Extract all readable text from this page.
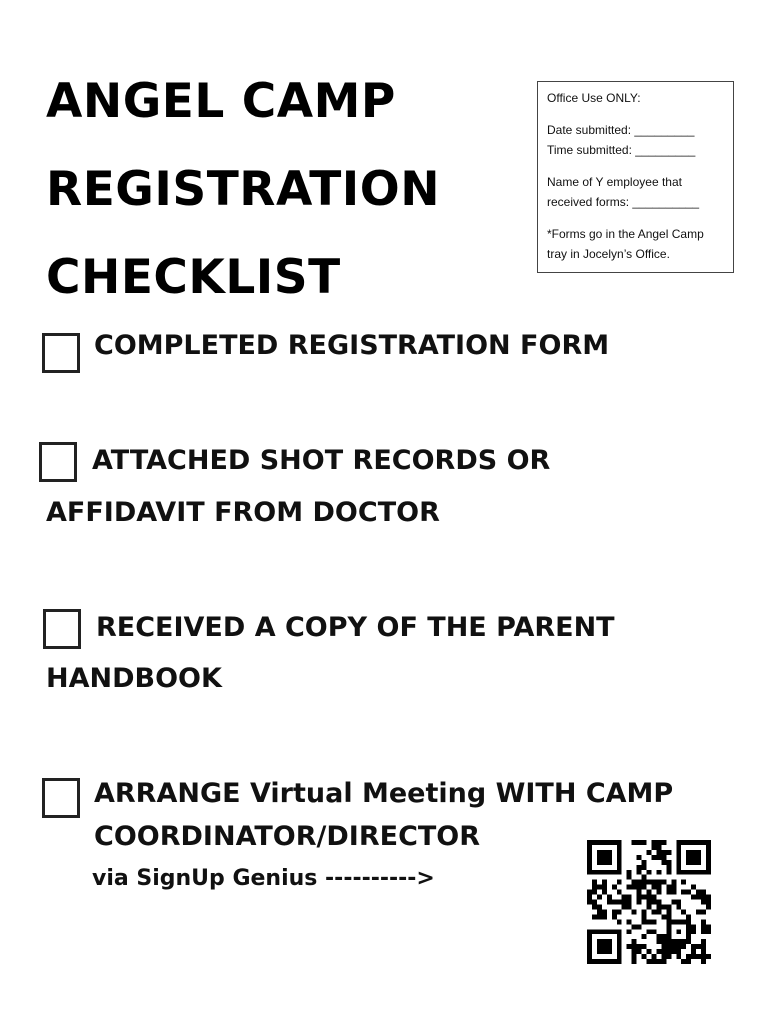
ANGEL CAMP
REGISTRATION
CHECKLIST

Office Use ONLY:

Date submitted: _________

Time submitted: _________

Name of Y employee that

received forms: __________

*Forms go in the Angel Camp

tray in Jocelyn’s Office.

COMPLETED REGISTRATION FORM
ATTACHED SHOT RECORDS OR
AFFIDAVIT FROM DOCTOR
RECEIVED A COPY OF THE PARENT
HANDBOOK
ARRANGE Virtual Meeting WITH CAMP
COORDINATOR/DIRECTOR
via SignUp Genius ---------->
